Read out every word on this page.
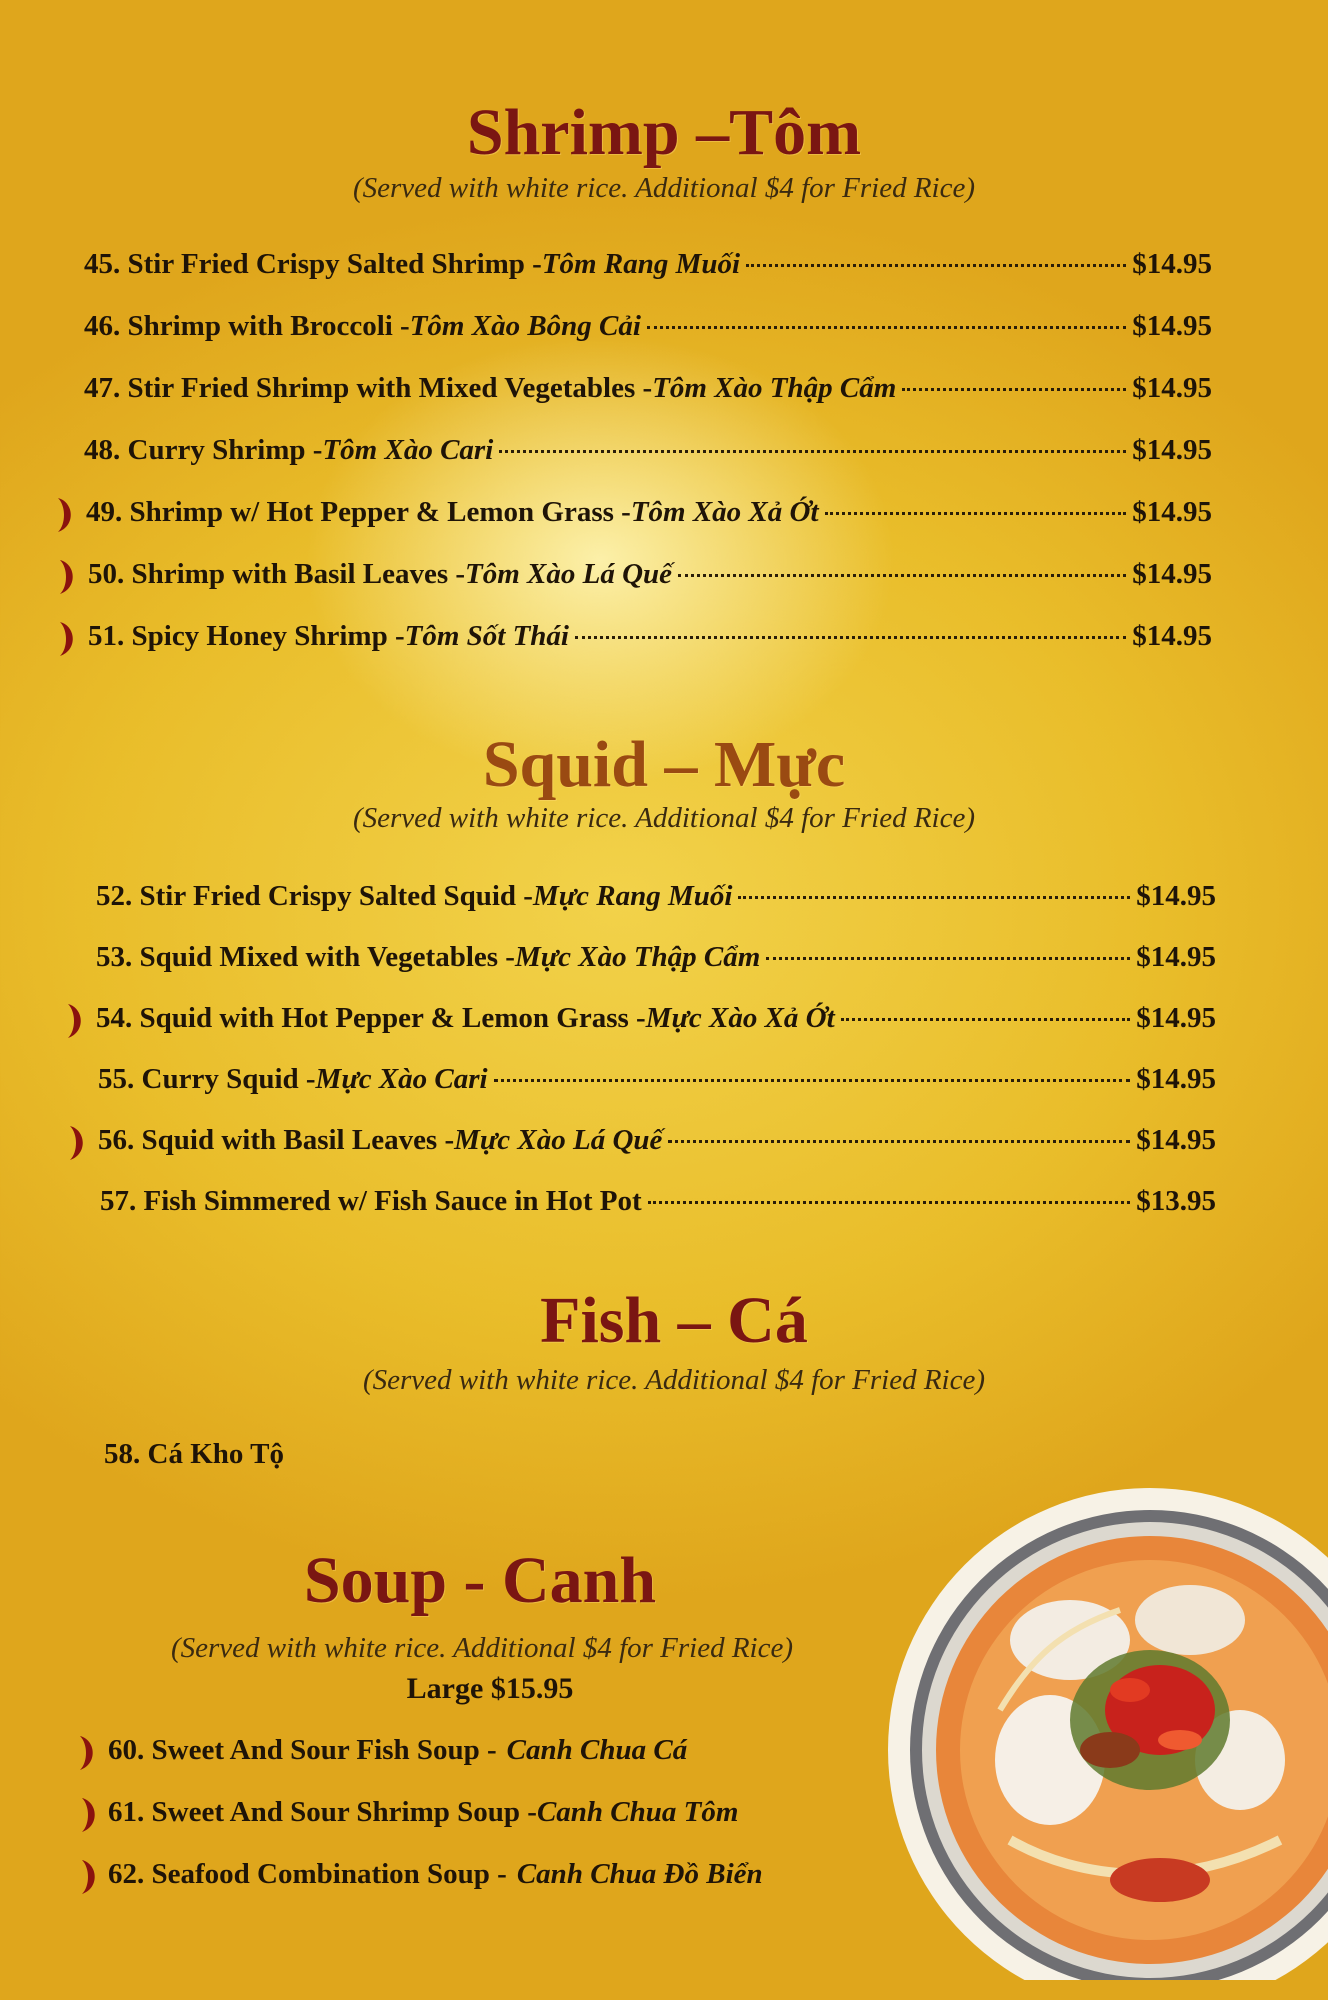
Shrimp –Tôm
(Served with white rice. Additional $4 for Fried Rice)
45. Stir Fried Crispy Salted Shrimp - Tôm Rang Muối	$14.95
46. Shrimp with Broccoli - Tôm Xào Bông Cải	$14.95
47. Stir Fried Shrimp with Mixed Vegetables - Tôm Xào Thập Cẩm	$14.95
48. Curry Shrimp - Tôm Xào Cari	$14.95
49. Shrimp w/ Hot Pepper & Lemon Grass - Tôm Xào Xả Ớt	$14.95
50. Shrimp with Basil Leaves - Tôm Xào Lá Quế	$14.95
51. Spicy Honey Shrimp - Tôm Sốt Thái	$14.95
Squid – Mực
(Served with white rice. Additional $4 for Fried Rice)
52. Stir Fried Crispy Salted Squid - Mực Rang Muối	$14.95
53. Squid Mixed with Vegetables - Mực Xào Thập Cẩm	$14.95
54. Squid with Hot Pepper & Lemon Grass - Mực Xào Xả Ớt	$14.95
55. Curry Squid - Mực Xào Cari	$14.95
56. Squid with Basil Leaves - Mực Xào Lá Quế	$14.95
57. Fish Simmered w/ Fish Sauce in Hot Pot	$13.95
Fish – Cá
(Served with white rice. Additional $4 for Fried Rice)
58. Cá Kho Tộ
Soup - Canh
(Served with white rice. Additional $4 for Fried Rice)
Large $15.95
60. Sweet And Sour Fish Soup - Canh Chua Cá
61. Sweet And Sour Shrimp Soup - Canh Chua Tôm
62. Seafood Combination Soup - Canh Chua Đồ Biển
